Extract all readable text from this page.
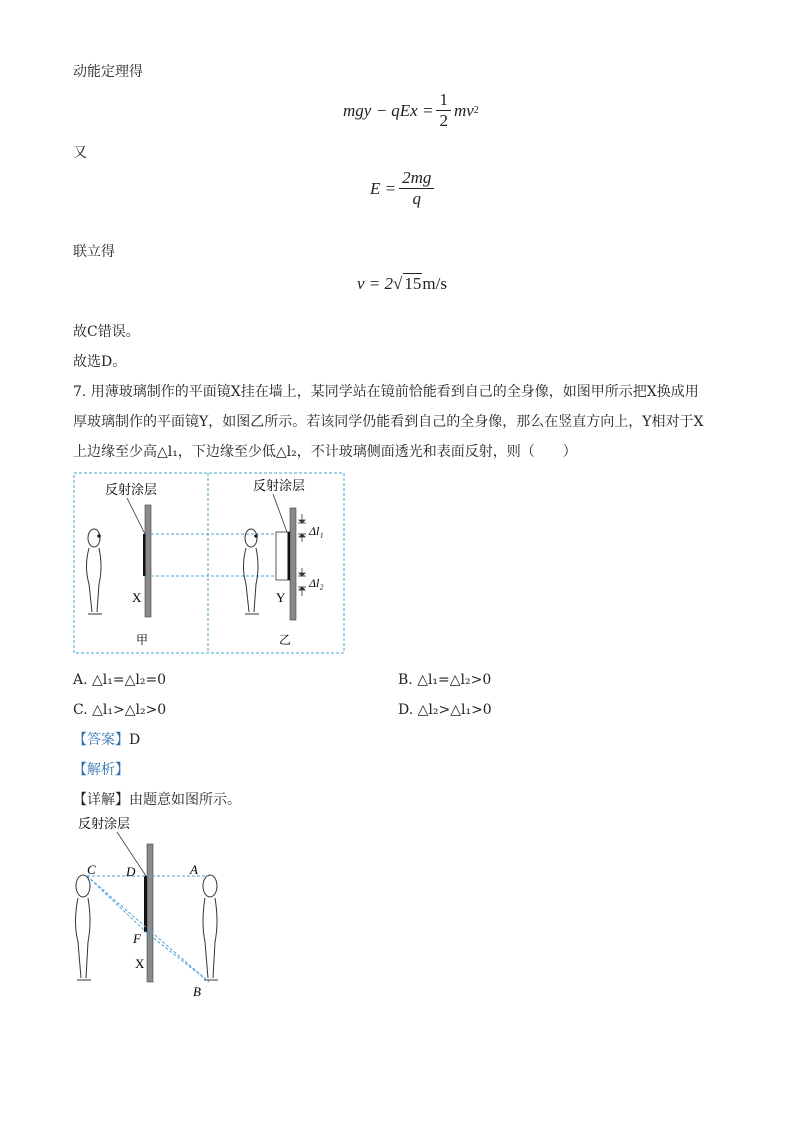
动能定理得
mgy − qEx = $\frac{1}{2}$ mv 2
又
$E = \frac{2mg}{q}$
联立得
v = 2 √ 15 m/s
故C错误。
故选D。
7. 用薄玻璃制作的平面镜X挂在墙上，某同学站在镜前恰能看到自己的全身像，如图甲所示把X换成用
厚玻璃制作的平面镜Y，如图乙所示。若该同学仍能看到自己的全身像，那么在竖直方向上，Y相对于X
上边缘至少高△l₁，下边缘至少低△l₂，不计玻璃侧面透光和表面反射，则（　　）
反射涂层
X
甲
反射涂层
Y
乙
Δl₁
Δl₂
A. △l₁=△l₂=0	B. △l₁=△l₂>0
C. △l₁>△l₂>0	D. △l₂>△l₁>0
【答案】D
【解析】
【详解】由题意如图所示。
反射涂层
C D	A
F
X
B
